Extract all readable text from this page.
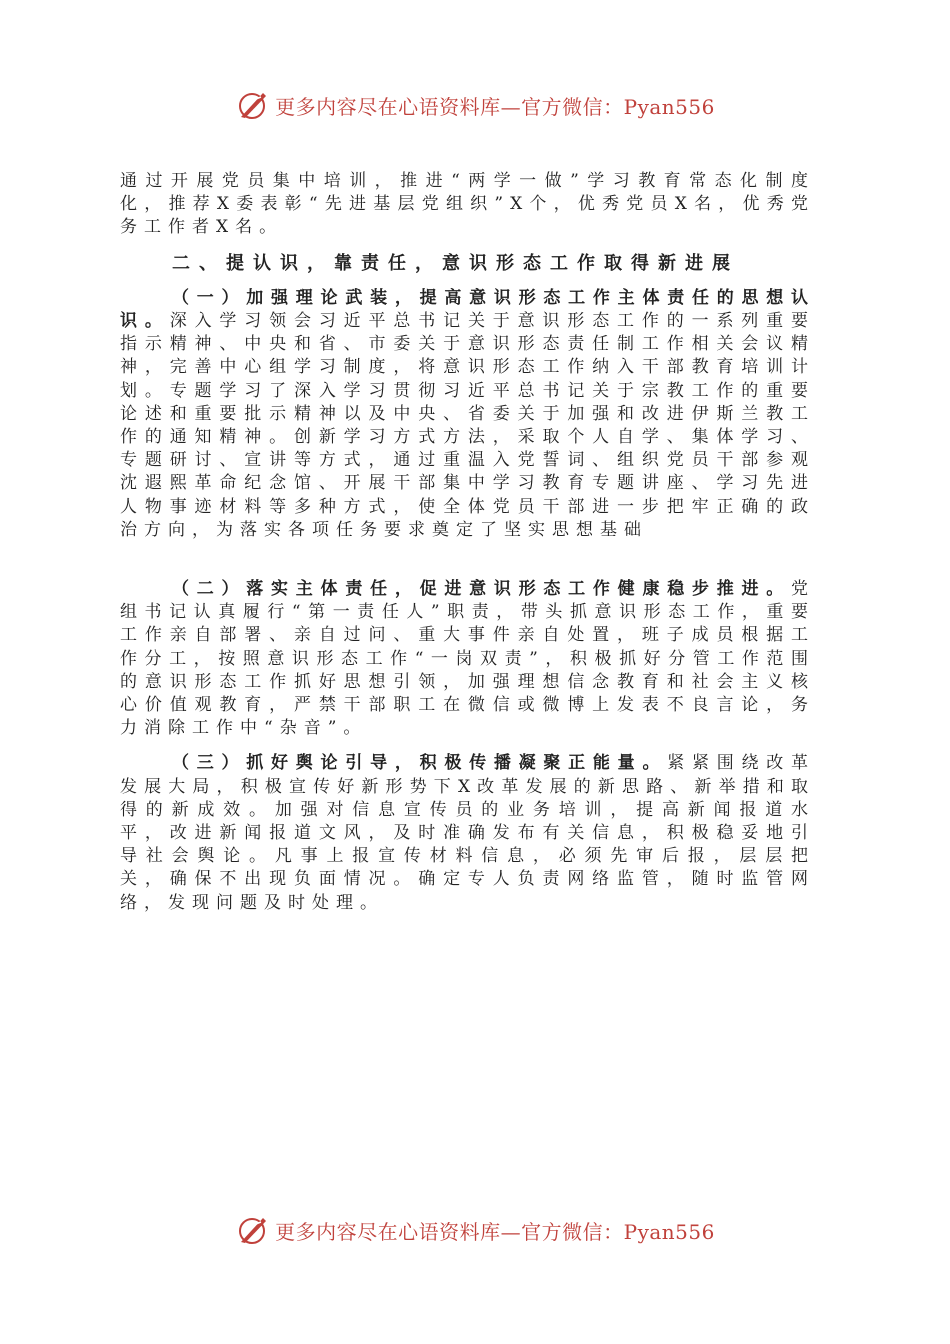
更多内容尽在心语资料库—官方微信：Pyan556

通过开展党员集中培训，推进“两学一做”学习教育常态化制度化，推荐X委表彰“先进基层党组织”X个，优秀党员X名，优秀党务工作者X名。

二、提认识，靠责任，意识形态工作取得新进展

（一）加强理论武装，提高意识形态工作主体责任的思想认识。深入学习领会习近平总书记关于意识形态工作的一系列重要指示精神、中央和省、市委关于意识形态责任制工作相关会议精神，完善中心组学习制度，将意识形态工作纳入干部教育培训计划。专题学习了深入学习贯彻习近平总书记关于宗教工作的重要论述和重要批示精神以及中央、省委关于加强和改进伊斯兰教工作的通知精神。创新学习方式方法，采取个人自学、集体学习、专题研讨、宣讲等方式，通过重温入党誓词、组织党员干部参观沈遐熙革命纪念馆、开展干部集中学习教育专题讲座、学习先进人物事迹材料等多种方式，使全体党员干部进一步把牢正确的政治方向，为落实各项任务要求奠定了坚实思想基础

（二）落实主体责任，促进意识形态工作健康稳步推进。党组书记认真履行“第一责任人”职责，带头抓意识形态工作，重要工作亲自部署、亲自过问、重大事件亲自处置，班子成员根据工作分工，按照意识形态工作“一岗双责”，积极抓好分管工作范围的意识形态工作抓好思想引领，加强理想信念教育和社会主义核心价值观教育，严禁干部职工在微信或微博上发表不良言论，务力消除工作中“杂音”。

（三）抓好舆论引导，积极传播凝聚正能量。紧紧围绕改革发展大局，积极宣传好新形势下X改革发展的新思路、新举措和取得的新成效。加强对信息宣传员的业务培训，提高新闻报道水平，改进新闻报道文风，及时准确发布有关信息，积极稳妥地引导社会舆论。凡事上报宣传材料信息，必须先审后报，层层把关，确保不出现负面情况。确定专人负责网络监管，随时监管网络，发现问题及时处理。

更多内容尽在心语资料库—官方微信：Pyan556
